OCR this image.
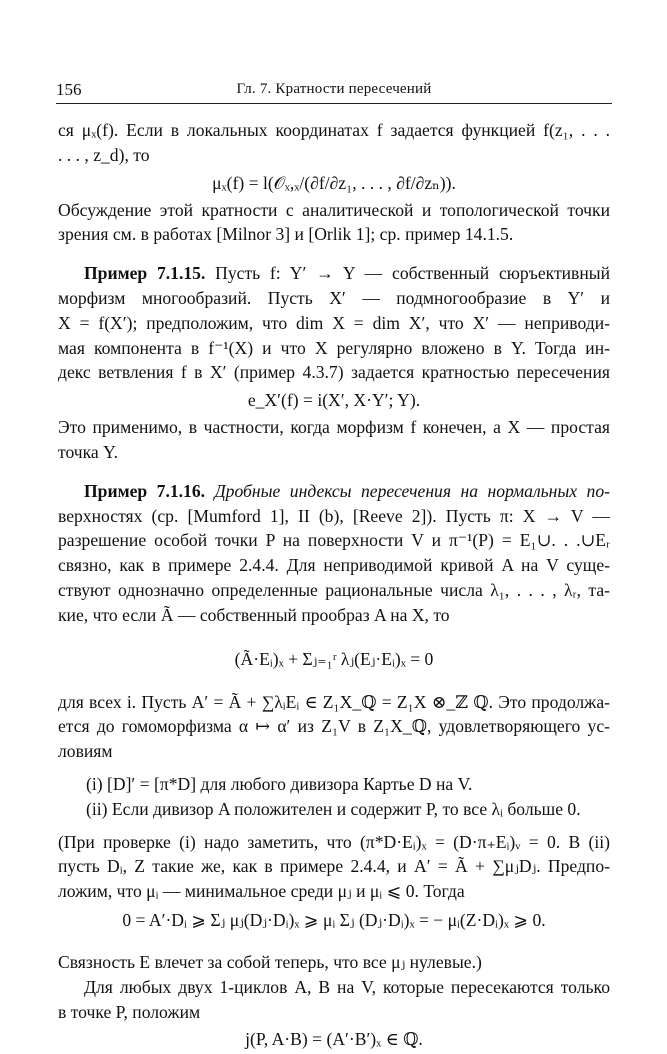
156	Гл. 7. Кратности пересечений
ся μₓ(f). Если в локальных координатах f задается функцией f(z₁, . . .
. . . , z_d), то
μₓ(f) = l(𝒪ₓ,ₓ/(∂f/∂z₁, . . . , ∂f/∂zₙ)).
Обсуждение этой кратности с аналитической и топологической точки
зрения см. в работах [Milnor 3] и [Orlik 1]; ср. пример 14.1.5.
Пример 7.1.15. Пусть f: Y′ → Y — собственный сюръективный
морфизм многообразий. Пусть X′ — подмногообразие в Y′ и
X = f(X′); предположим, что dim X = dim X′, что X′ — неприводи-
мая компонента в f⁻¹(X) и что X регулярно вложено в Y. Тогда ин-
декс ветвления f в X′ (пример 4.3.7) задается кратностью пересечения
e_X′(f) = i(X′, X·Y′; Y).
Это применимо, в частности, когда морфизм f конечен, а X — простая
точка Y.
Пример 7.1.16. Дробные индексы пересечения на нормальных по-
верхностях (ср. [Mumford 1], II (b), [Reeve 2]). Пусть π: X → V —
разрешение особой точки P на поверхности V и π⁻¹(P) = E₁∪. . .∪Eᵣ
связно, как в примере 2.4.4. Для неприводимой кривой A на V суще-
ствуют однозначно определенные рациональные числа λ₁, . . . , λᵣ, та-
кие, что если Ã — собственный прообраз A на X, то
(Ã·Eᵢ)ₓ + Σⱼ₌₁ʳ λⱼ(Eⱼ·Eᵢ)ₓ = 0
для всех i. Пусть A′ = Ã + ∑λᵢEᵢ ∈ Z₁X_ℚ = Z₁X ⊗_ℤ ℚ. Это продолжа-
ется до гомоморфизма α ↦ α′ из Z₁V в Z₁X_ℚ, удовлетворяющего ус-
ловиям
(i) [D]′ = [π*D] для любого дивизора Картье D на V.
(ii) Если дивизор A положителен и содержит P, то все λᵢ больше 0.
(При проверке (i) надо заметить, что (π*D·Eᵢ)ₓ = (D·π₊Eᵢ)ᵥ = 0. В (ii)
пусть Dᵢ, Z такие же, как в примере 2.4.4, и A′ = Ã + ∑μⱼDⱼ. Предпо-
ложим, что μᵢ — минимальное среди μⱼ и μᵢ ⩽ 0. Тогда
0 = A′·Dᵢ ⩾ Σⱼ μⱼ(Dⱼ·Dᵢ)ₓ ⩾ μᵢ Σⱼ (Dⱼ·Dᵢ)ₓ = − μᵢ(Z·Dᵢ)ₓ ⩾ 0.
Связность E влечет за собой теперь, что все μⱼ нулевые.)
Для любых двух 1-циклов A, B на V, которые пересекаются только
в точке P, положим
j(P, A·B) = (A′·B′)ₓ ∈ ℚ.
